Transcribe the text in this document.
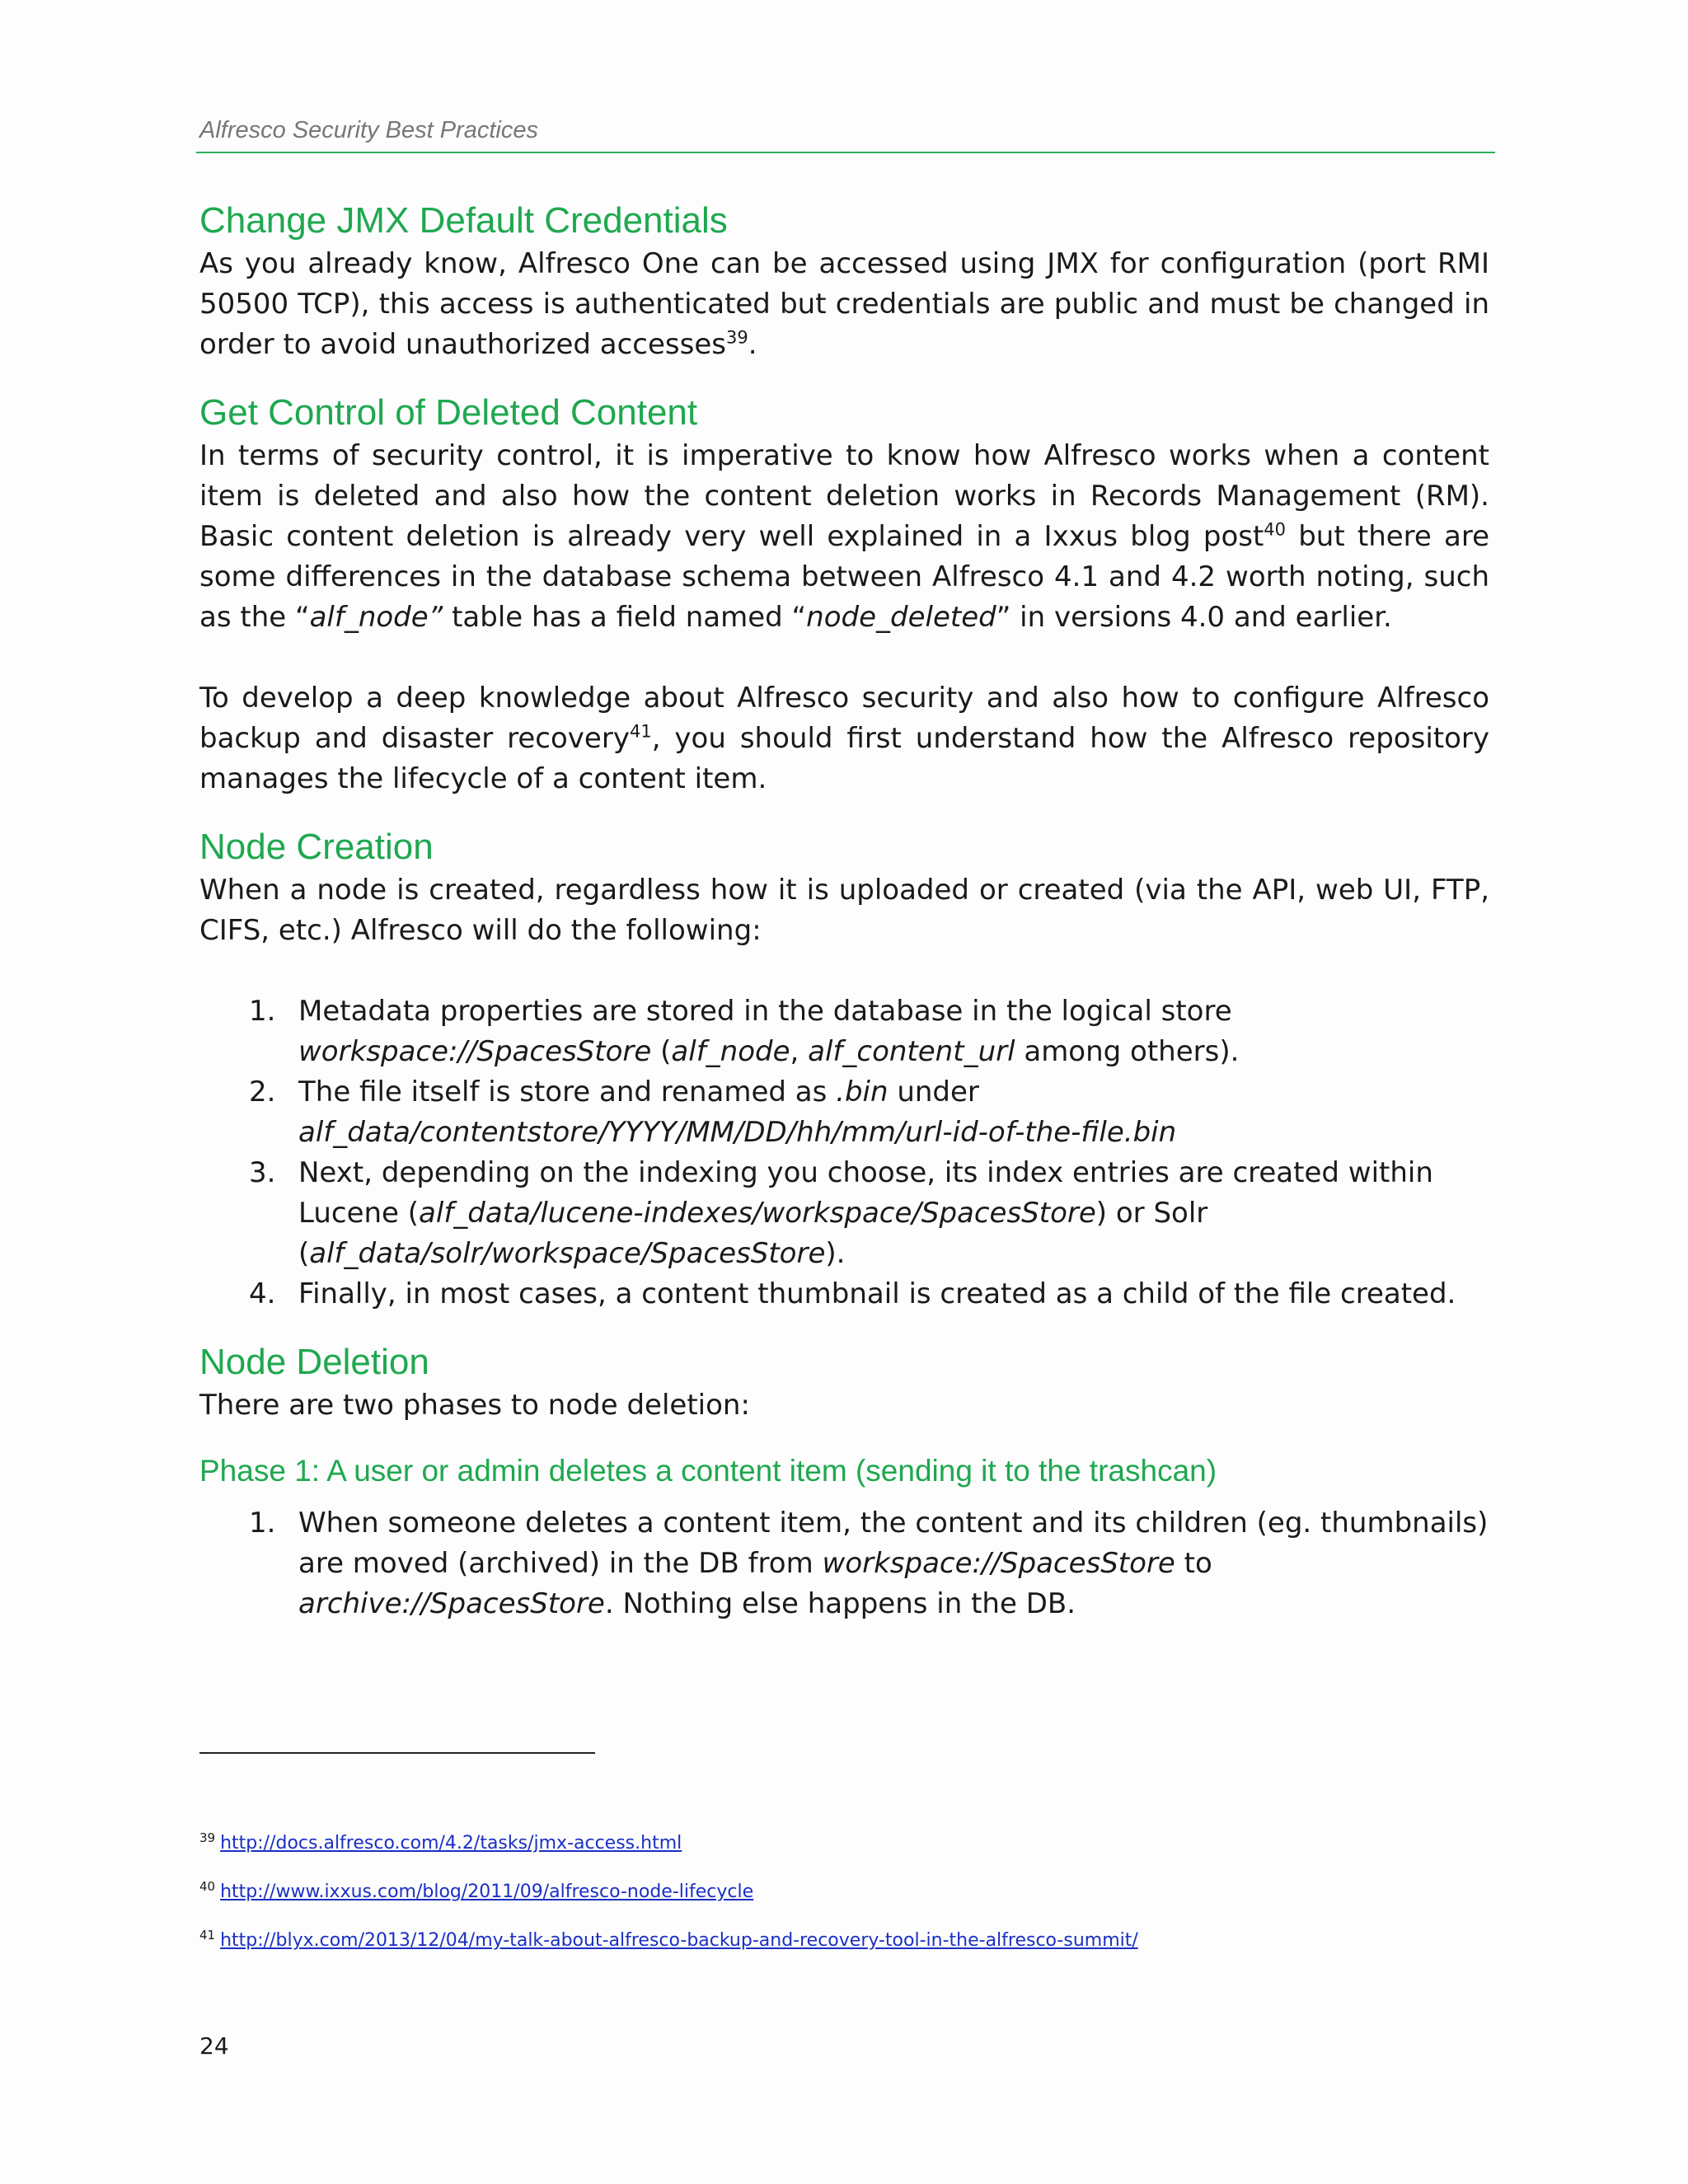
Alfresco Security Best Practices
Change JMX Default Credentials

As you already know, Alfresco One can be accessed using JMX for configuration (port RMI 50500 TCP), this access is authenticated but credentials are public and must be changed in order to avoid unauthorized accesses$^{39}$.

Get Control of Deleted Content

In terms of security control, it is imperative to know how Alfresco works when a content item is deleted and also how the content deletion works in Records Management (RM). Basic content deletion is already very well explained in a Ixxus blog post$^{40}$ but there are some differences in the database schema between Alfresco 4.1 and 4.2 worth noting, such as the “alf_node” table has a field named “node_deleted” in versions 4.0 and earlier.

To develop a deep knowledge about Alfresco security and also how to configure Alfresco backup and disaster recovery$^{41}$, you should first understand how the Alfresco repository manages the lifecycle of a content item.

Node Creation

When a node is created, regardless how it is uploaded or created (via the API, web UI, FTP, CIFS, etc.) Alfresco will do the following:

1. Metadata properties are stored in the database in the logical store workspace://SpacesStore (alf_node, alf_content_url among others).
2. The file itself is store and renamed as .bin under
alf_data/contentstore/YYYY/MM/DD/hh/mm/url-id-of-the-file.bin
3. Next, depending on the indexing you choose, its index entries are created within Lucene (alf_data/lucene-indexes/workspace/SpacesStore) or Solr (alf_data/solr/workspace/SpacesStore).
4. Finally, in most cases, a content thumbnail is created as a child of the file created.
Node Deletion

There are two phases to node deletion:

Phase 1: A user or admin deletes a content item (sending it to the trashcan)
1. When someone deletes a content item, the content and its children (eg. thumbnails) are moved (archived) in the DB from workspace://SpacesStore to archive://SpacesStore. Nothing else happens in the DB.
$^{39}$ http://docs.alfresco.com/4.2/tasks/jmx-access.html
$^{40}$ http://www.ixxus.com/blog/2011/09/alfresco-node-lifecycle
$^{41}$ http://blyx.com/2013/12/04/my-talk-about-alfresco-backup-and-recovery-tool-in-the-alfresco-summit/
24
